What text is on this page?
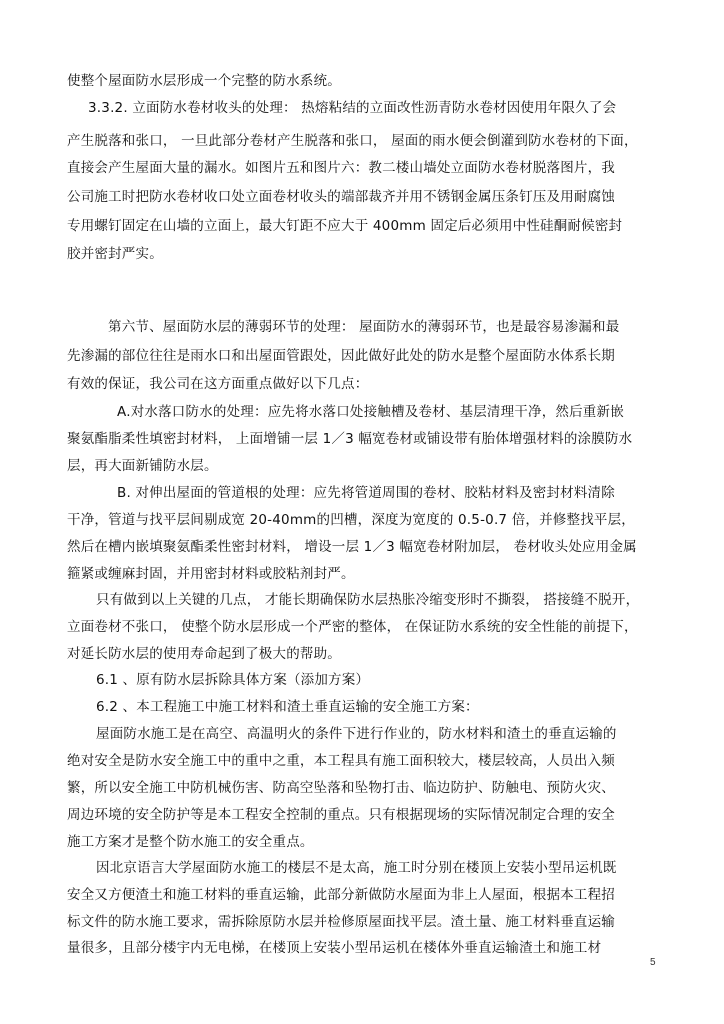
使整个屋面防水层形成一个完整的防水系统。
3.3.2. 立面防水卷材收头的处理： 热熔粘结的立面改性沥青防水卷材因使用年限久了会
产生脱落和张口， 一旦此部分卷材产生脱落和张口， 屋面的雨水便会倒灌到防水卷材的下面，
直接会产生屋面大量的漏水。如图片五和图片六：教二楼山墙处立面防水卷材脱落图片，我
公司施工时把防水卷材收口处立面卷材收头的端部裁齐并用不锈钢金属压条钉压及用耐腐蚀
专用螺钉固定在山墙的立面上，最大钉距不应大于 400mm 固定后必须用中性硅酮耐候密封
胶并密封严实。
第六节、屋面防水层的薄弱环节的处理： 屋面防水的薄弱环节，也是最容易渗漏和最
先渗漏的部位往往是雨水口和出屋面管跟处，因此做好此处的防水是整个屋面防水体系长期
有效的保证，我公司在这方面重点做好以下几点：
A.对水落口防水的处理：应先将水落口处接触槽及卷材、基层清理干净，然后重新嵌
聚氨酯脂柔性填密封材料， 上面增铺一层 1／3 幅宽卷材或铺设带有胎体增强材料的涂膜防水
层，再大面新铺防水层。
B. 对伸出屋面的管道根的处理：应先将管道周围的卷材、胶粘材料及密封材料清除
干净，管道与找平层间剔成宽 20-40mm的凹槽，深度为宽度的 0.5-0.7 倍，并修整找平层，
然后在槽内嵌填聚氨酯柔性密封材料， 增设一层 1／3 幅宽卷材附加层， 卷材收头处应用金属
箍紧或缠麻封固，并用密封材料或胶粘剂封严。
只有做到以上关键的几点， 才能长期确保防水层热胀冷缩变形时不撕裂， 搭接缝不脱开，
立面卷材不张口， 使整个防水层形成一个严密的整体， 在保证防水系统的安全性能的前提下，
对延长防水层的使用寿命起到了极大的帮助。
6.1 、原有防水层拆除具体方案（添加方案）
6.2 、本工程施工中施工材料和渣土垂直运输的安全施工方案：
屋面防水施工是在高空、高温明火的条件下进行作业的，防水材料和渣土的垂直运输的
绝对安全是防水安全施工中的重中之重，本工程具有施工面积较大，楼层较高，人员出入频
繁，所以安全施工中防机械伤害、防高空坠落和坠物打击、临边防护、防触电、预防火灾、
周边环境的安全防护等是本工程安全控制的重点。只有根据现场的实际情况制定合理的安全
施工方案才是整个防水施工的安全重点。
因北京语言大学屋面防水施工的楼层不是太高，施工时分别在楼顶上安装小型吊运机既
安全又方便渣土和施工材料的垂直运输，此部分新做防水屋面为非上人屋面，根据本工程招
标文件的防水施工要求，需拆除原防水层并检修原屋面找平层。渣土量、施工材料垂直运输
量很多，且部分楼宇内无电梯，在楼顶上安装小型吊运机在楼体外垂直运输渣土和施工材
5
